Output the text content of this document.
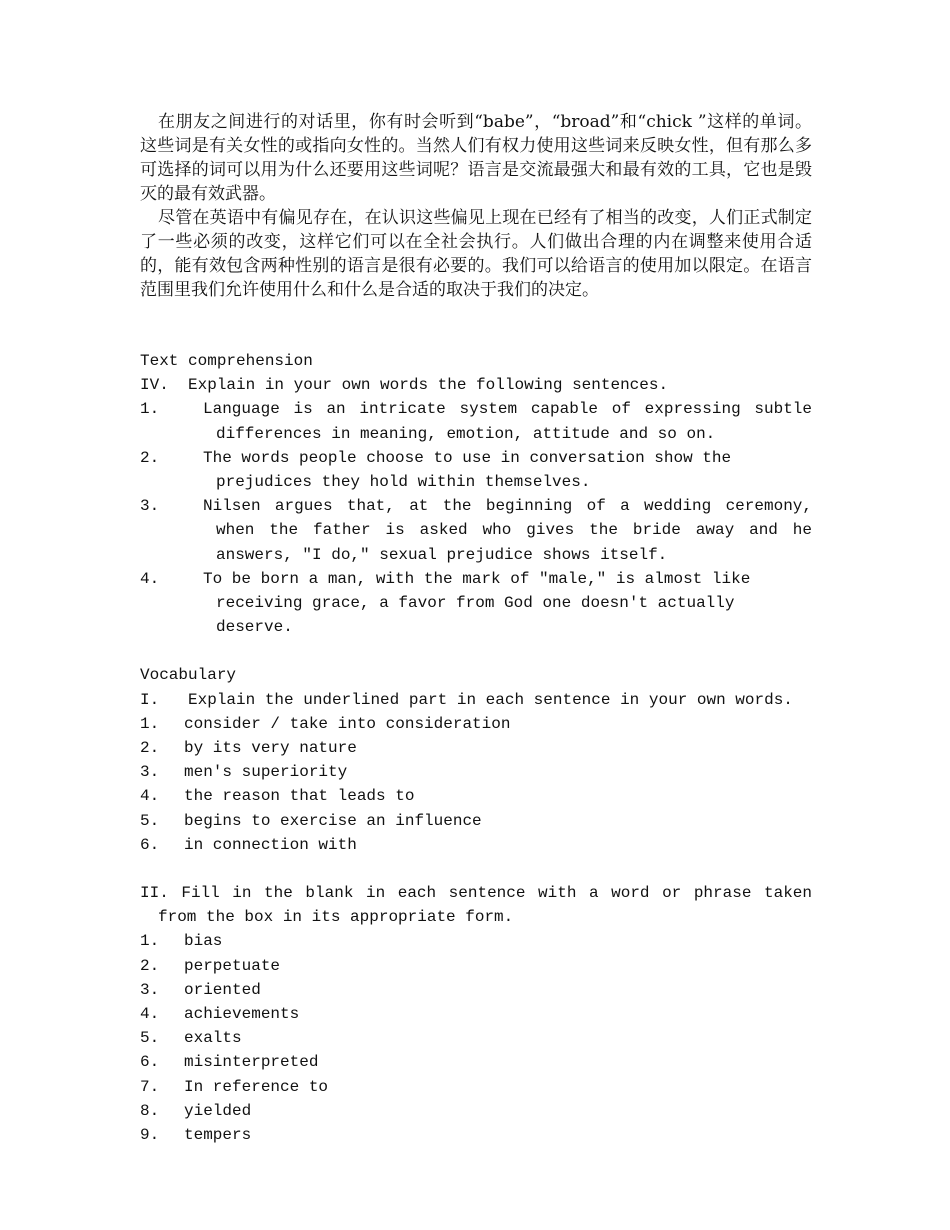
在朋友之间进行的对话里，你有时会听到“babe”，“broad”和“chick ”这样的单词。这些词是有关女性的或指向女性的。当然人们有权力使用这些词来反映女性，但有那么多可选择的词可以用为什么还要用这些词呢？语言是交流最强大和最有效的工具，它也是毁灭的最有效武器。

尽管在英语中有偏见存在，在认识这些偏见上现在已经有了相当的改变，人们正式制定了一些必须的改变，这样它们可以在全社会执行。人们做出合理的内在调整来使用合适的，能有效包含两种性别的语言是很有必要的。我们可以给语言的使用加以限定。在语言范围里我们允许使用什么和什么是合适的取决于我们的决定。

Text comprehension

IV.  Explain in your own words the following sentences.

1.	Language is an intricate system capable of expressing subtle differences in meaning, emotion, attitude and so on.
2.	The words people choose to use in conversation show the prejudices they hold within themselves.
3.	Nilsen argues that, at the beginning of a wedding ceremony, when the father is asked who gives the bride away and he answers, "I do," sexual prejudice shows itself.
4.	To be born a man, with the mark of "male," is almost like receiving grace, a favor from God one doesn't actually deserve.

Vocabulary

I.   Explain the underlined part in each sentence in your own words.

1.	consider / take into consideration
2.	by its very nature
3.	men's superiority
4.	the reason that leads to
5.	begins to exercise an influence
6.	in connection with

II. Fill in the blank in each sentence with a word or phrase taken from the box in its appropriate form.

1.	bias
2.	perpetuate
3.	oriented
4.	achievements
5.	exalts
6.	misinterpreted
7.	In reference to
8.	yielded
9.	tempers
